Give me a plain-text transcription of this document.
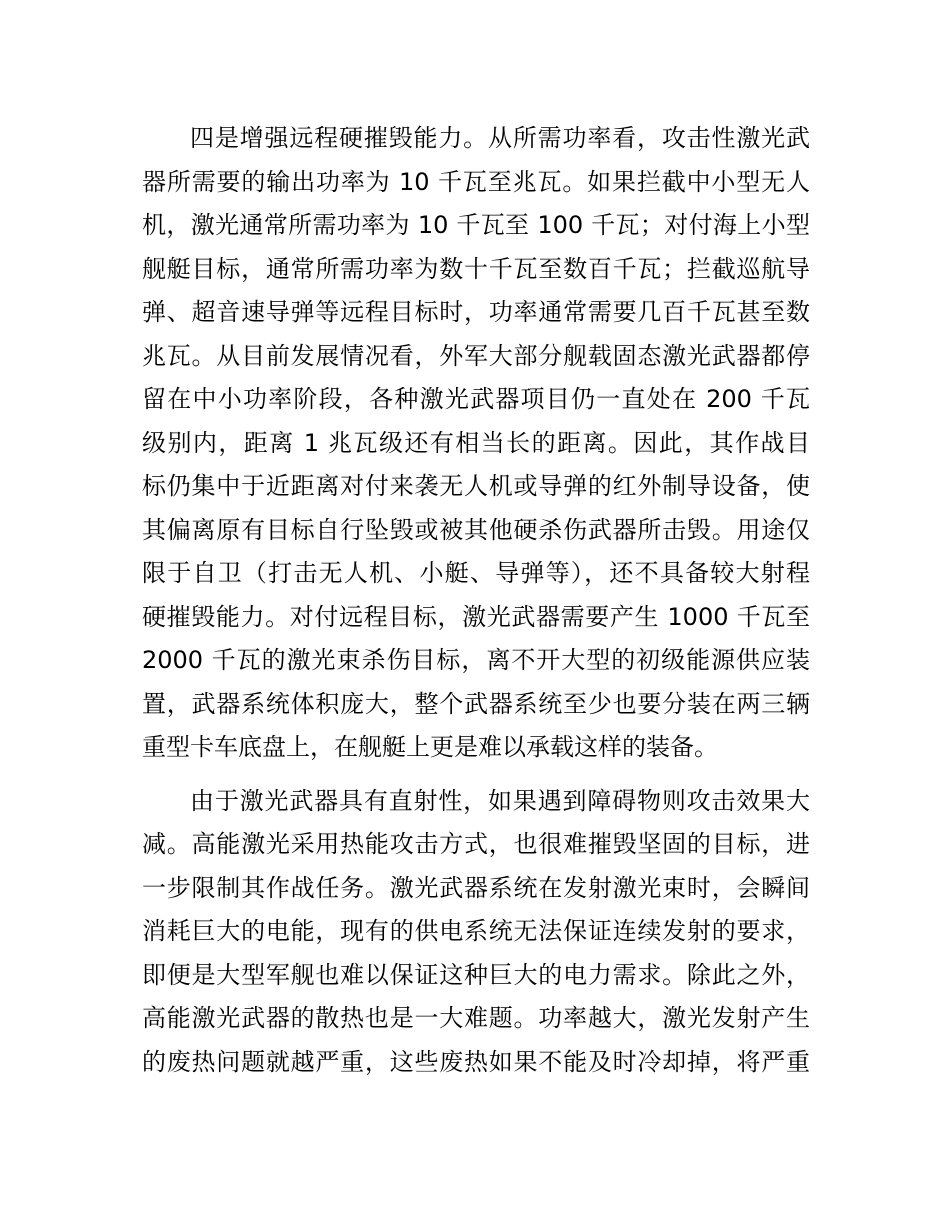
四是增强远程硬摧毁能力。从所需功率看，攻击性激光武
器所需要的输出功率为 10 千瓦至兆瓦。如果拦截中小型无人
机，激光通常所需功率为 10 千瓦至 100 千瓦；对付海上小型
舰艇目标，通常所需功率为数十千瓦至数百千瓦；拦截巡航导
弹、超音速导弹等远程目标时，功率通常需要几百千瓦甚至数
兆瓦。从目前发展情况看，外军大部分舰载固态激光武器都停
留在中小功率阶段，各种激光武器项目仍一直处在 200 千瓦
级别内，距离 1 兆瓦级还有相当长的距离。因此，其作战目
标仍集中于近距离对付来袭无人机或导弹的红外制导设备，使
其偏离原有目标自行坠毁或被其他硬杀伤武器所击毁。用途仅
限于自卫（打击无人机、小艇、导弹等），还不具备较大射程
硬摧毁能力。对付远程目标，激光武器需要产生 1000 千瓦至
2000 千瓦的激光束杀伤目标，离不开大型的初级能源供应装
置，武器系统体积庞大，整个武器系统至少也要分装在两三辆
重型卡车底盘上，在舰艇上更是难以承载这样的装备。

由于激光武器具有直射性，如果遇到障碍物则攻击效果大
减。高能激光采用热能攻击方式，也很难摧毁坚固的目标，进
一步限制其作战任务。激光武器系统在发射激光束时，会瞬间
消耗巨大的电能，现有的供电系统无法保证连续发射的要求，
即便是大型军舰也难以保证这种巨大的电力需求。除此之外，
高能激光武器的散热也是一大难题。功率越大，激光发射产生
的废热问题就越严重，这些废热如果不能及时冷却掉，将严重
